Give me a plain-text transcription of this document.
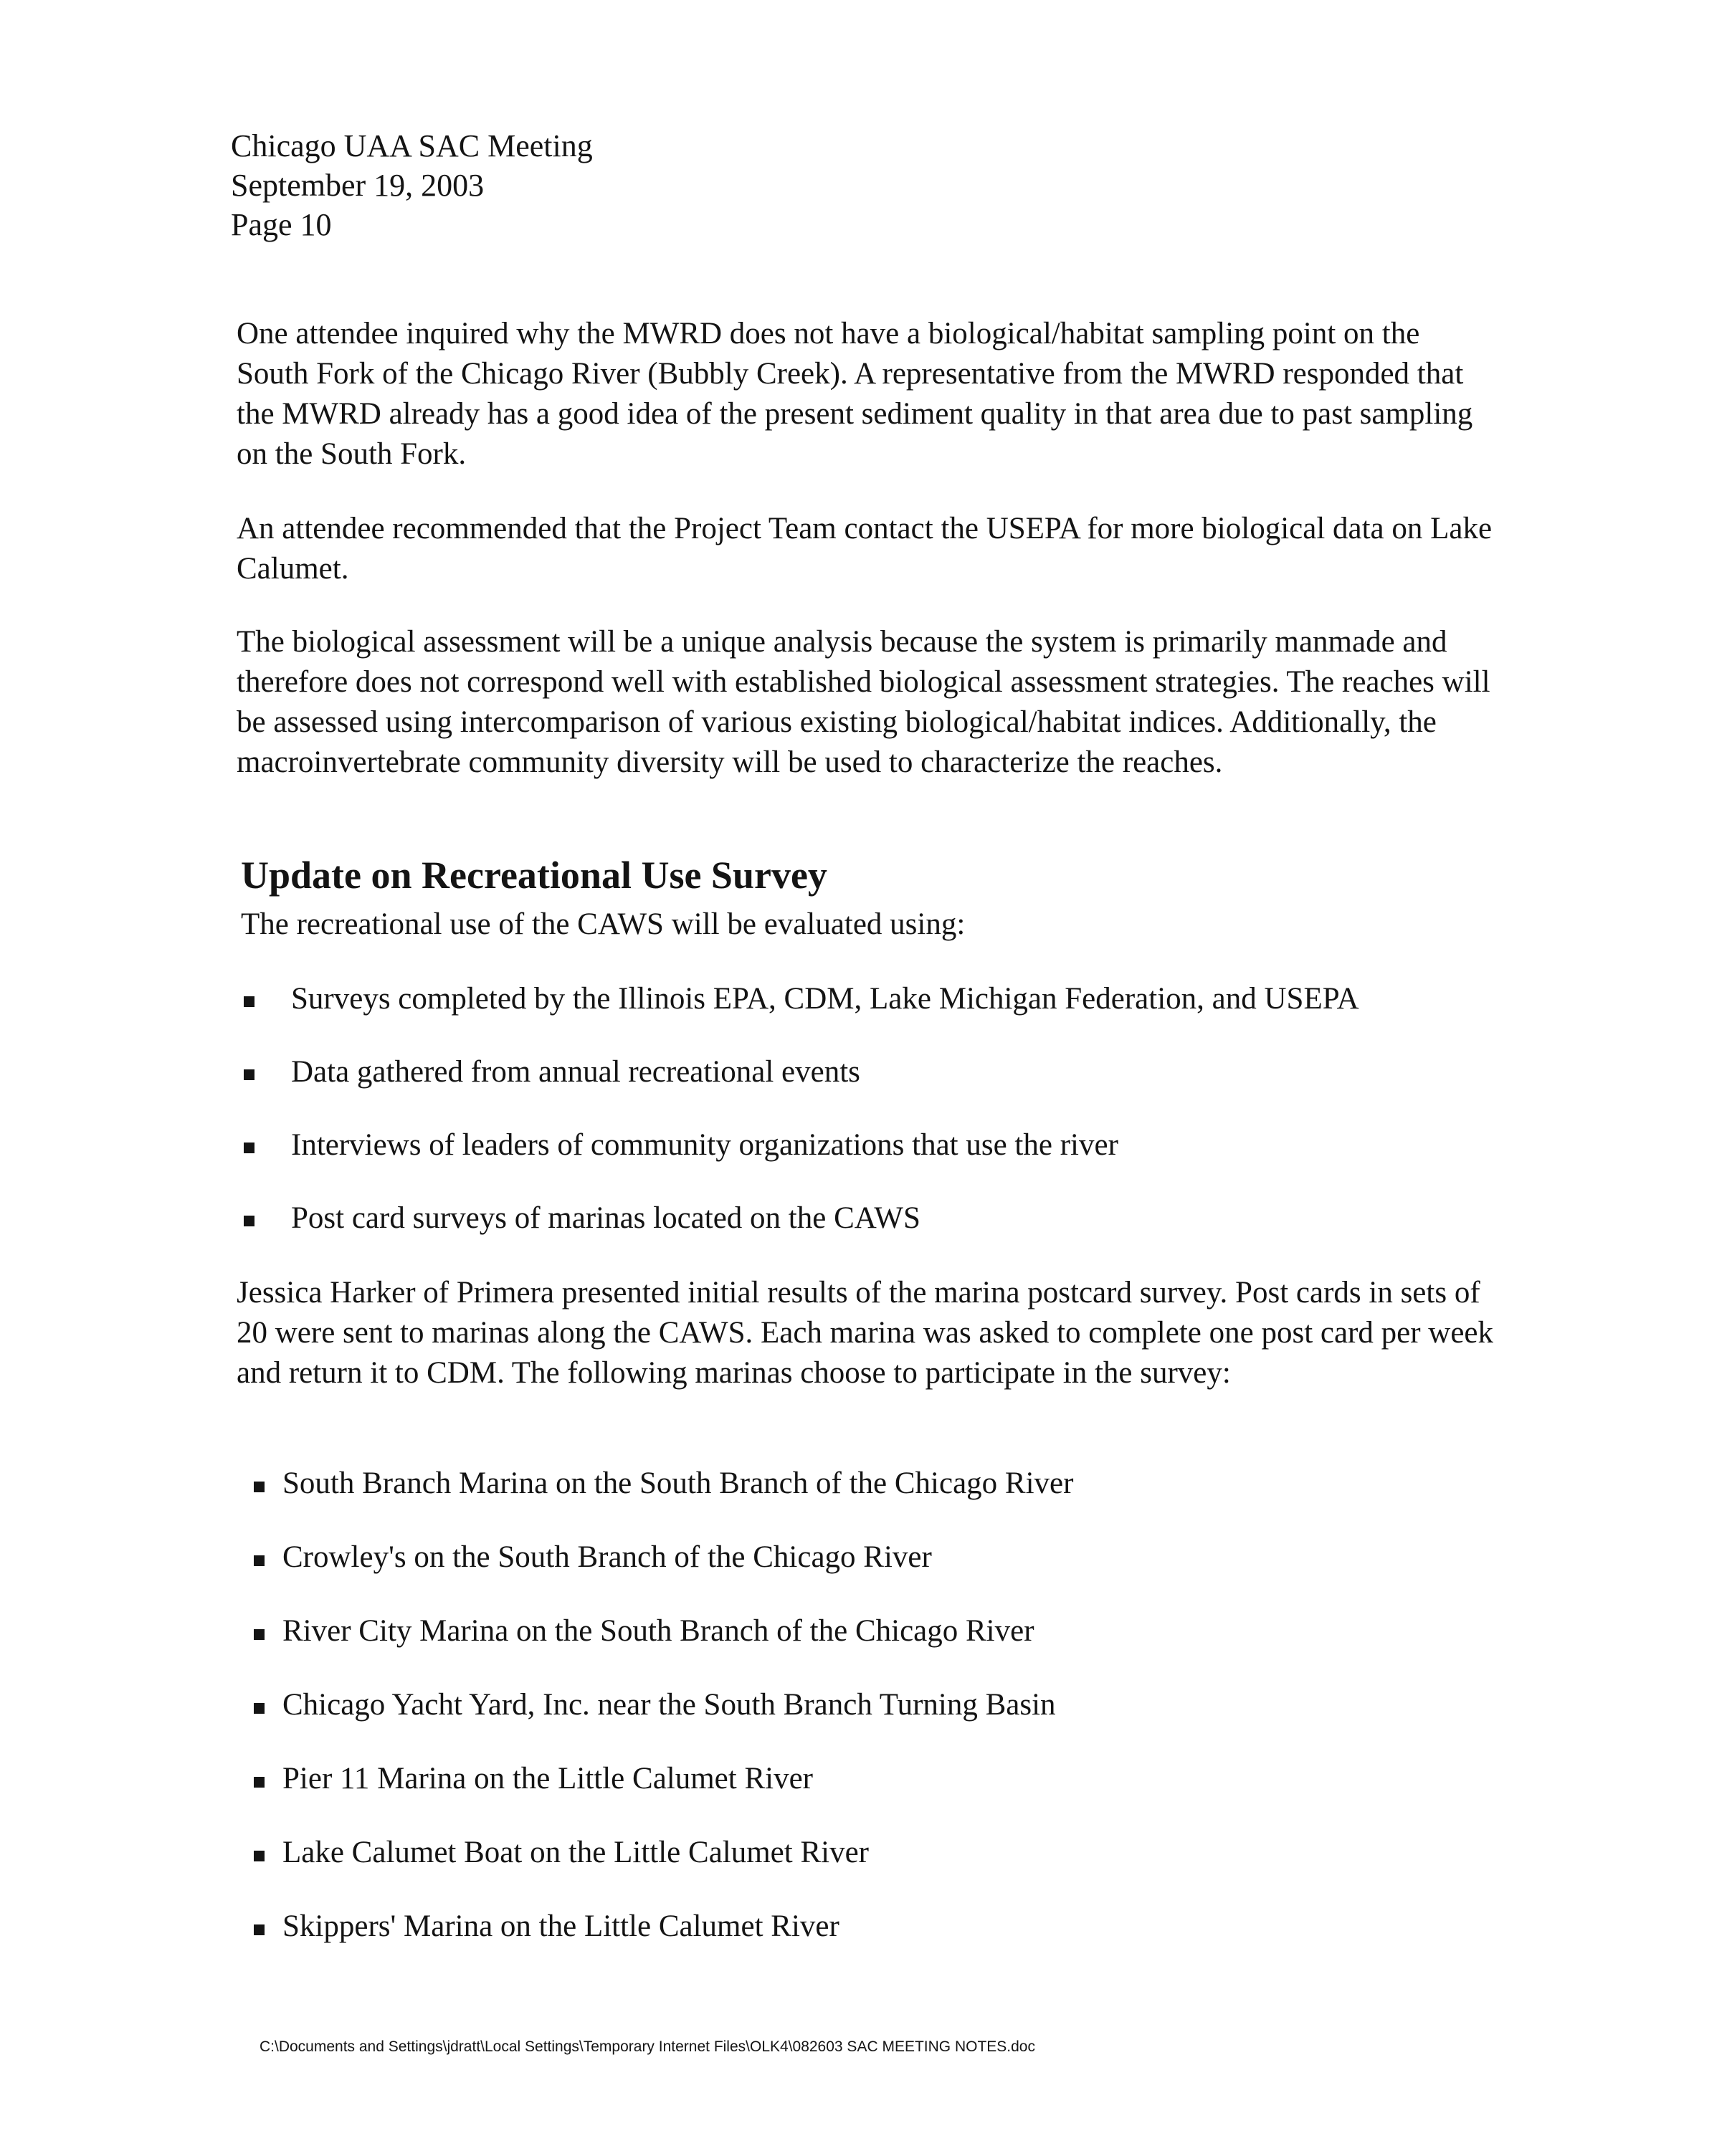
Chicago UAA SAC Meeting
September 19, 2003
Page 10

One attendee inquired why the MWRD does not have a biological/habitat sampling point on the South Fork of the Chicago River (Bubbly Creek). A representative from the MWRD responded that the MWRD already has a good idea of the present sediment quality in that area due to past sampling on the South Fork.

An attendee recommended that the Project Team contact the USEPA for more biological data on Lake Calumet.

The biological assessment will be a unique analysis because the system is primarily manmade and therefore does not correspond well with established biological assessment strategies. The reaches will be assessed using intercomparison of various existing biological/habitat indices. Additionally, the macroinvertebrate community diversity will be used to characterize the reaches.

Update on Recreational Use Survey
The recreational use of the CAWS will be evaluated using:
Surveys completed by the Illinois EPA, CDM, Lake Michigan Federation, and USEPA
Data gathered from annual recreational events
Interviews of leaders of community organizations that use the river
Post card surveys of marinas located on the CAWS

Jessica Harker of Primera presented initial results of the marina postcard survey. Post cards in sets of 20 were sent to marinas along the CAWS. Each marina was asked to complete one post card per week and return it to CDM. The following marinas choose to participate in the survey:

South Branch Marina on the South Branch of the Chicago River
Crowley's on the South Branch of the Chicago River
River City Marina on the South Branch of the Chicago River
Chicago Yacht Yard, Inc. near the South Branch Turning Basin
Pier 11 Marina on the Little Calumet River
Lake Calumet Boat on the Little Calumet River
Skippers' Marina on the Little Calumet River
C:\Documents and Settings\jdratt\Local Settings\Temporary Internet Files\OLK4\082603 SAC MEETING NOTES.doc
